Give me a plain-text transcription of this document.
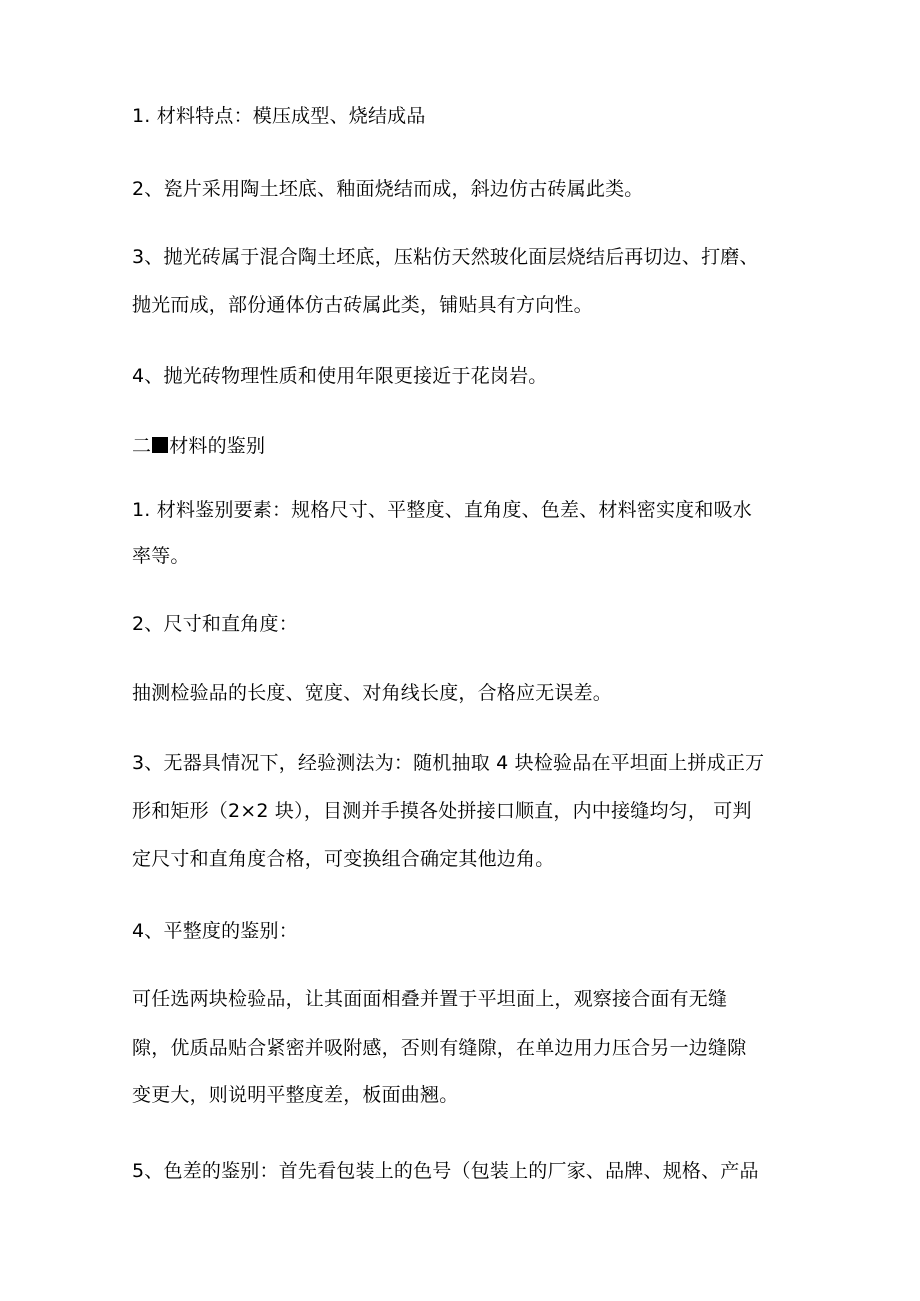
1. 材料特点：模压成型、烧结成品
2、瓷片采用陶土坯底、釉面烧结而成，斜边仿古砖属此类。
3、抛光砖属于混合陶土坯底，压粘仿天然玻化面层烧结后再切边、打磨、
抛光而成，部份通体仿古砖属此类，铺贴具有方向性。
4、抛光砖物理性质和使用年限更接近于花岗岩。
二 材料的鉴别
1. 材料鉴别要素：规格尺寸、平整度、直角度、色差、材料密实度和吸水
率等。
2、尺寸和直角度：
抽测检验品的长度、宽度、对角线长度，合格应无误差。
3、无器具情况下，经验测法为：随机抽取 4 块检验品在平坦面上拼成正万
形和矩形（2×2 块），目测并手摸各处拼接口顺直，内中接缝均匀， 可判
定尺寸和直角度合格，可变换组合确定其他边角。
4、平整度的鉴别：
可任选两块检验品，让其面面相叠并置于平坦面上，观察接合面有无缝
隙，优质品贴合紧密并吸附感，否则有缝隙，在单边用力压合另一边缝隙
变更大，则说明平整度差，板面曲翘。
5、色差的鉴别：首先看包装上的色号（包装上的厂家、品牌、规格、产品
